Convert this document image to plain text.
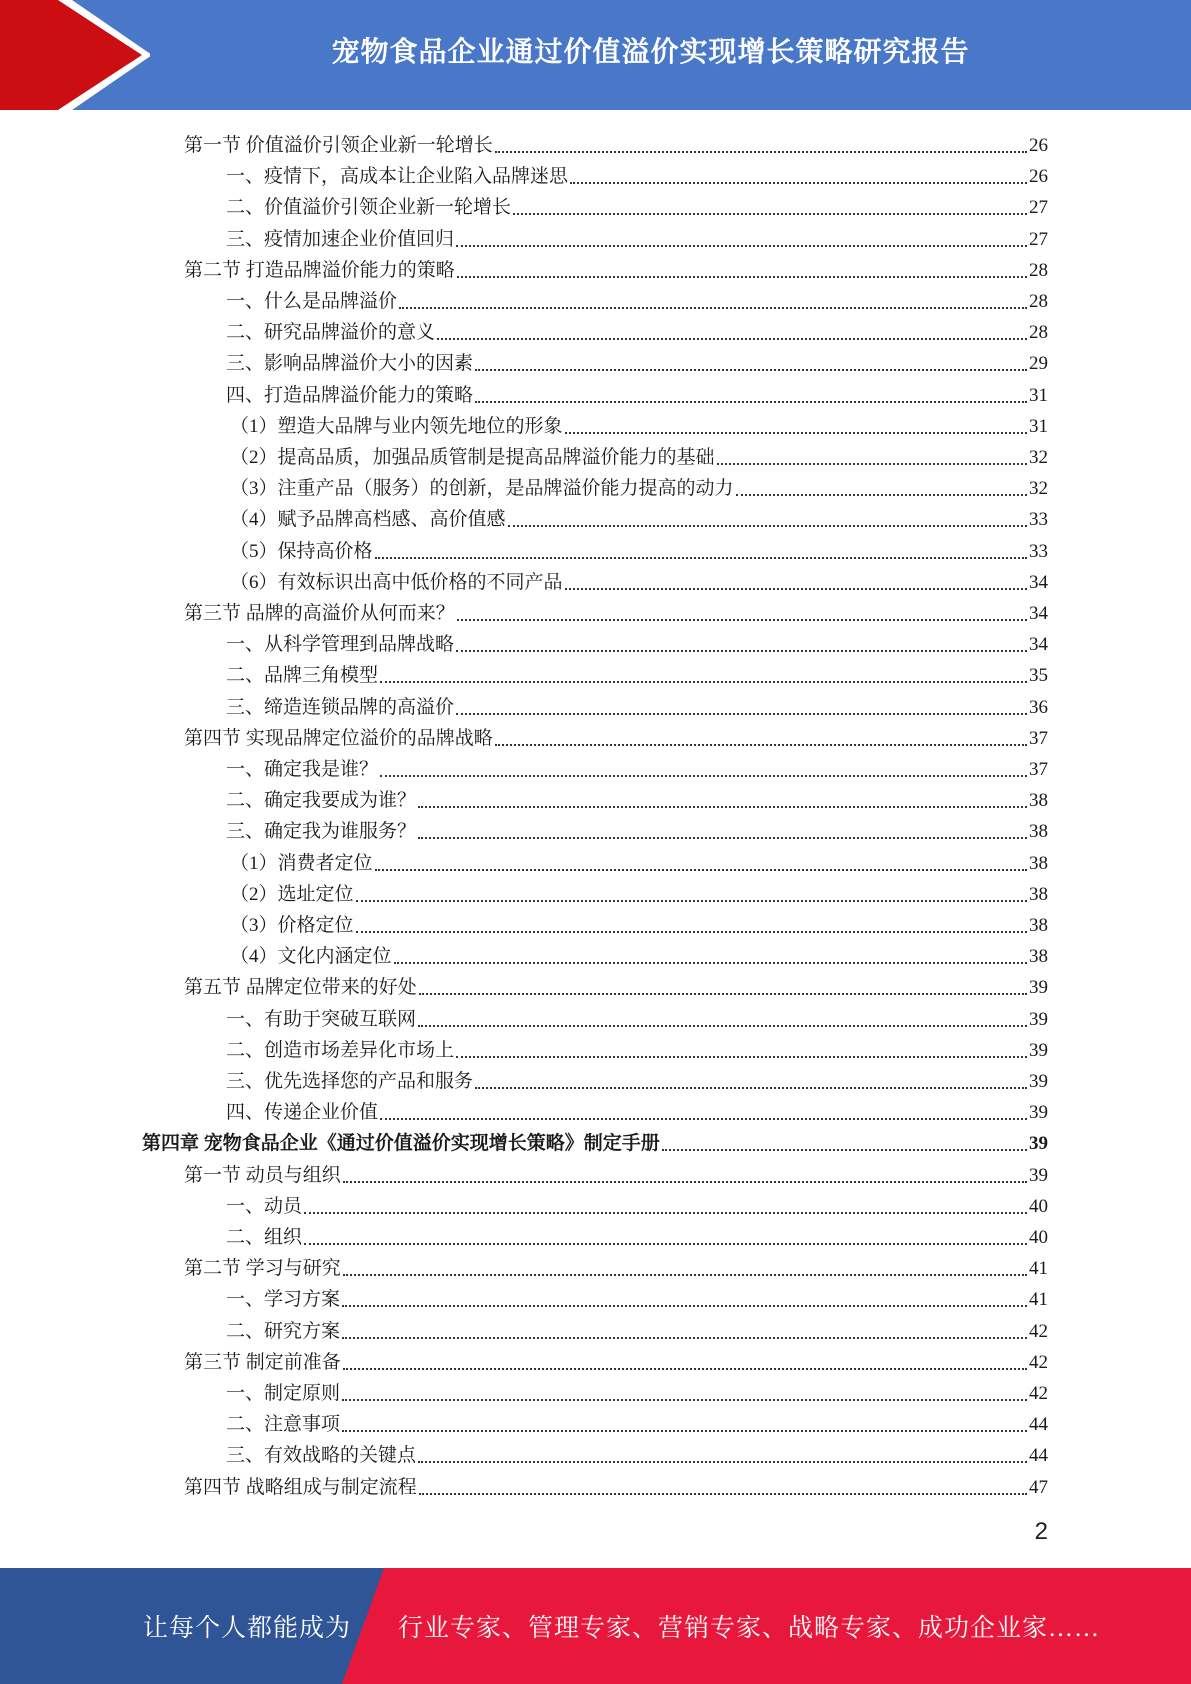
宠物食品企业通过价值溢价实现增长策略研究报告
第一节 价值溢价引领企业新一轮增长	26
一、疫情下，高成本让企业陷入品牌迷思	26
二、价值溢价引领企业新一轮增长	27
三、疫情加速企业价值回归	27
第二节 打造品牌溢价能力的策略	28
一、什么是品牌溢价	28
二、研究品牌溢价的意义	28
三、影响品牌溢价大小的因素	29
四、打造品牌溢价能力的策略	31
（1）塑造大品牌与业内领先地位的形象	31
（2）提高品质，加强品质管制是提高品牌溢价能力的基础	32
（3）注重产品（服务）的创新，是品牌溢价能力提高的动力	32
（4）赋予品牌高档感、高价值感	33
（5）保持高价格	33
（6）有效标识出高中低价格的不同产品	34
第三节 品牌的高溢价从何而来？	34
一、从科学管理到品牌战略	34
二、品牌三角模型	35
三、缔造连锁品牌的高溢价	36
第四节 实现品牌定位溢价的品牌战略	37
一、确定我是谁？	37
二、确定我要成为谁？	38
三、确定我为谁服务？	38
（1）消费者定位	38
（2）选址定位	38
（3）价格定位	38
（4）文化内涵定位	38
第五节 品牌定位带来的好处	39
一、有助于突破互联网	39
二、创造市场差异化市场上	39
三、优先选择您的产品和服务	39
四、传递企业价值	39
第四章 宠物食品企业《通过价值溢价实现增长策略》制定手册	39
第一节 动员与组织	39
一、动员	40
二、组织	40
第二节 学习与研究	41
一、学习方案	41
二、研究方案	42
第三节 制定前准备	42
一、制定原则	42
二、注意事项	44
三、有效战略的关键点	44
第四节 战略组成与制定流程	47
2
让每个人都能成为 行业专家、管理专家、营销专家、战略专家、成功企业家……
